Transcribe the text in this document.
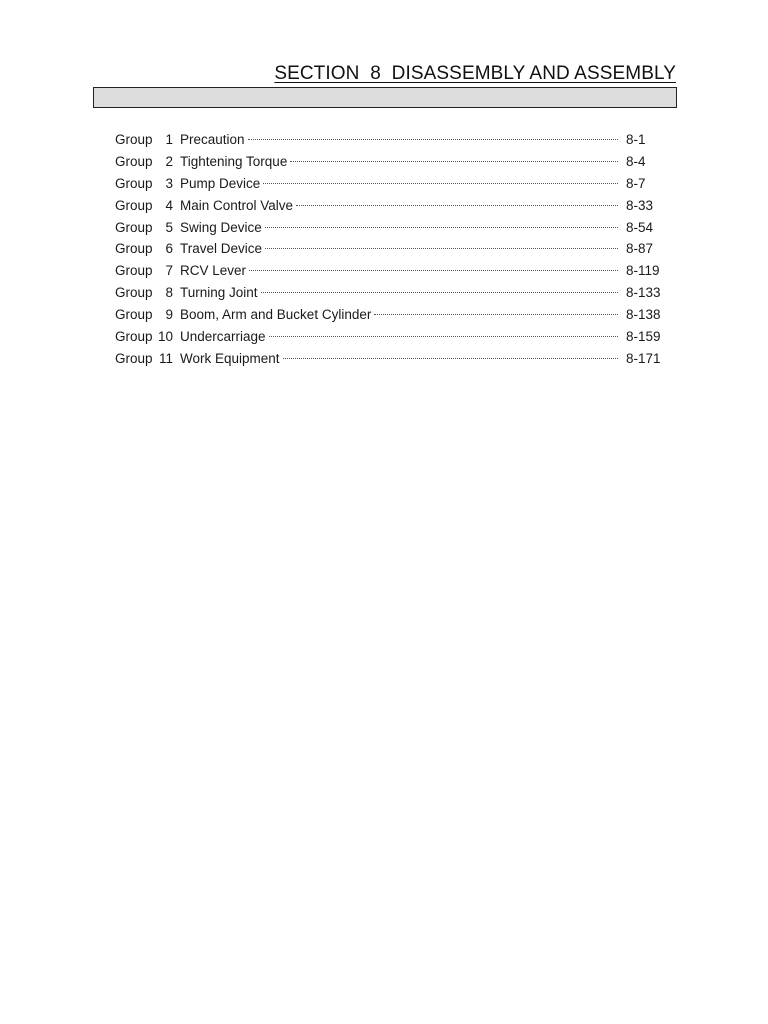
SECTION  8  DISASSEMBLY AND ASSEMBLY
Group 1 Precaution	8-1
Group 2 Tightening Torque	8-4
Group 3 Pump Device	8-7
Group 4 Main Control Valve	8-33
Group 5 Swing Device	8-54
Group 6 Travel Device	8-87
Group 7 RCV Lever	8-119
Group 8 Turning Joint	8-133
Group 9 Boom, Arm and Bucket Cylinder	8-138
Group 10 Undercarriage	8-159
Group 11 Work Equipment	8-171
